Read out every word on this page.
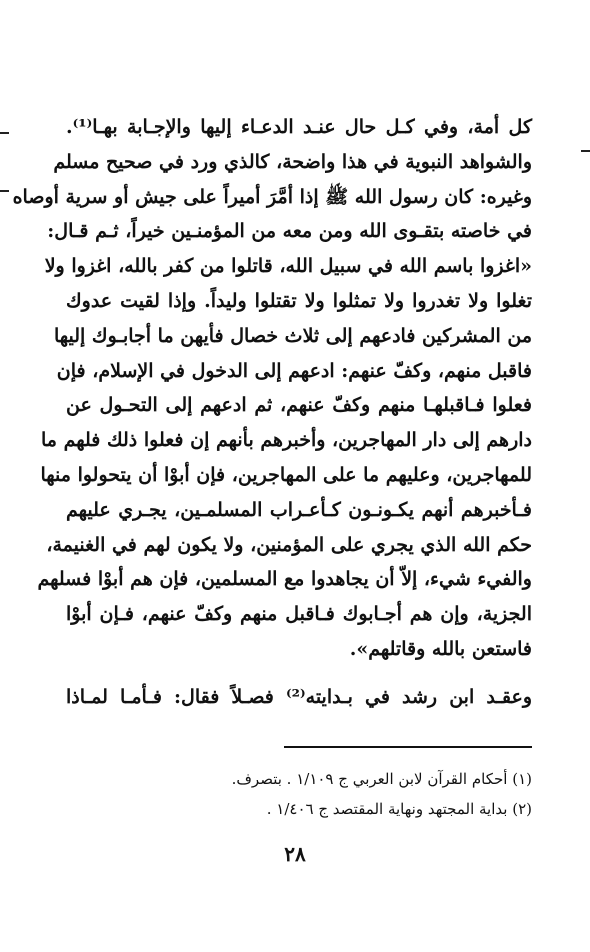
كل أمة، وفي كـل حال عنـد الدعـاء إليها والإجـابة بهـا⁽¹⁾.
والشواهد النبوية في هذا واضحة، كالذي ورد في صحيح مسلم
وغيره: كان رسول الله ﷺ إذا أمَّرَ أميراً على جيش أو سرية أوصاه
في خاصته بتقـوى الله ومن معه من المؤمنـين خيراً، ثـم قـال:
«اغزوا باسم الله في سبيل الله، قاتلوا من كفر بالله، اغزوا ولا
تغلوا ولا تغدروا ولا تمثلوا ولا تقتلوا وليداً. وإذا لقيت عدوك
من المشركين فادعهم إلى ثلاث خصال فأيهن ما أجابـوك إليها
فاقبل منهم، وكفّ عنهم: ادعهم إلى الدخول في الإسلام، فإن
فعلوا فـاقبلهـا منهم وكفّ عنهم، ثم ادعهم إلى التحـول عن
دارهم إلى دار المهاجرين، وأخبرهم بأنهم إن فعلوا ذلك فلهم ما
للمهاجرين، وعليهم ما على المهاجرين، فإن أبوْا أن يتحولوا منها
فـأخبرهم أنهم يكـونـون كـأعـراب المسلمـين، يجـري عليهم
حكم الله الذي يجري على المؤمنين، ولا يكون لهم في الغنيمة،
والفيء شيء، إلاّ أن يجاهدوا مع المسلمين، فإن هم أبوْا فسلهم
الجزية، وإن هم أجـابوك فـاقبل منهم وكفّ عنهم، فـإن أبوْا
فاستعن بالله وقاتلهم».
وعقـد ابن رشد في بـدايته⁽²⁾ فصـلاً فقال: فـأمـا لمـاذا
(١) أحكام القرآن لابن العربي ج ١/١٠٩ . بتصرف.
(٢) بداية المجتهد ونهاية المقتصد ج ١/٤٠٦ .
٢٨
